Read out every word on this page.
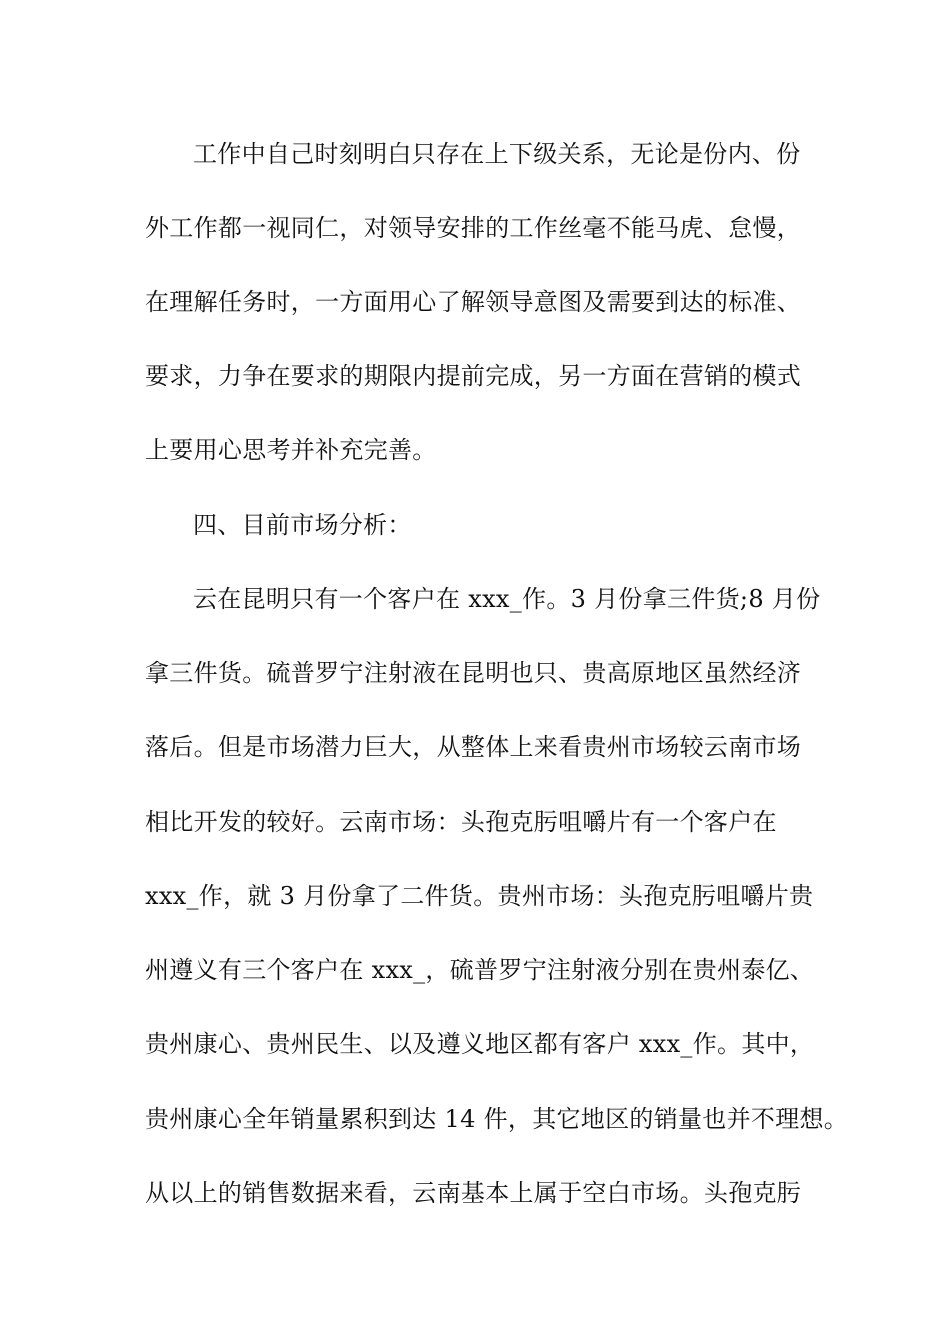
工作中自己时刻明白只存在上下级关系，无论是份内、份
外工作都一视同仁，对领导安排的工作丝毫不能马虎、怠慢，
在理解任务时，一方面用心了解领导意图及需要到达的标准、
要求，力争在要求的期限内提前完成，另一方面在营销的模式
上要用心思考并补充完善。
四、目前市场分析：
云在昆明只有一个客户在 xxx_作。3 月份拿三件货;8 月份
拿三件货。硫普罗宁注射液在昆明也只、贵高原地区虽然经济
落后。但是市场潜力巨大，从整体上来看贵州市场较云南市场
相比开发的较好。云南市场：头孢克肟咀嚼片有一个客户在
xxx_作，就 3 月份拿了二件货。贵州市场：头孢克肟咀嚼片贵
州遵义有三个客户在 xxx_，硫普罗宁注射液分别在贵州泰亿、
贵州康心、贵州民生、以及遵义地区都有客户 xxx_作。其中，
贵州康心全年销量累积到达 14 件，其它地区的销量也并不理想。
从以上的销售数据来看，云南基本上属于空白市场。头孢克肟
